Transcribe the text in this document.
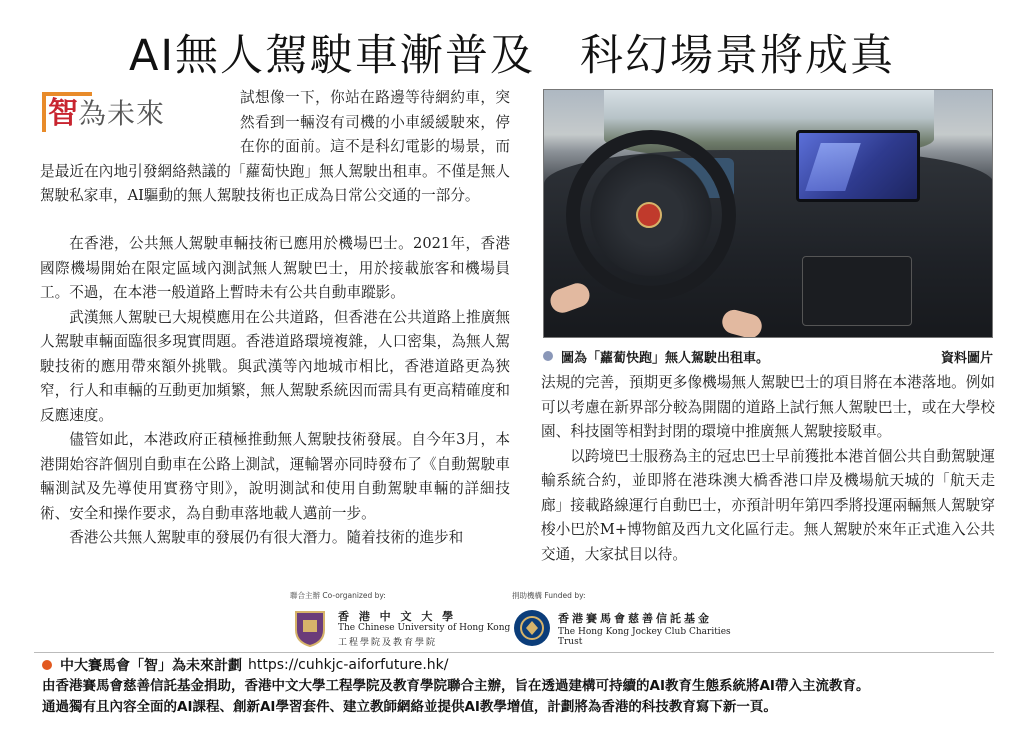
AI無人駕駛車漸普及　科幻場景將成真
智 為未來	試想像一下，你站在路邊等待網約車，突然看到一輛沒有司機的小車緩緩駛來，停在你的面前。這不是科幻電影的場景，而是最近在內地引發網絡熱議的「蘿蔔快跑」無人駕駛出租車。不僅是無人駕駛私家車，AI驅動的無人駕駛技術也正成為日常公交通的一部分。

圖為「蘿蔔快跑」無人駕駛出租車。	資料圖片

法規的完善，預期更多像機場無人駕駛巴士的項目將在本港落地。例如可以考慮在新界部分較為開闊的道路上試行無人駕駛巴士，或在大學校園、科技園等相對封閉的環境中推廣無人駕駛接駁車。

以跨境巴士服務為主的冠忠巴士早前獲批本港首個公共自動駕駛運輸系統合約，並即將在港珠澳大橋香港口岸及機場航天城的「航天走廊」接載路線運行自動巴士，亦預計明年第四季將投運兩輛無人駕駛穿梭小巴於M+博物館及西九文化區行走。無人駕駛於來年正式進入公共交通，大家拭目以待。

聯合主辦 Co-organized by:
香 港 中 文 大 學
The Chinese University of Hong Kong
工程學院及教育學院
捐助機構 Funded by:
香港賽馬會慈善信託基金
The Hong Kong Jockey Club Charities Trust
中大賽馬會「智」為未來計劃 https://cuhkjc-aiforfuture.hk/
由香港賽馬會慈善信託基金捐助，香港中文大學工程學院及教育學院聯合主辦，旨在透過建構可持續的AI教育生態系統將AI帶入主流教育。
通過獨有且內容全面的AI課程、創新AI學習套件、建立教師網絡並提供AI教學增值，計劃將為香港的科技教育寫下新一頁。

在香港，公共無人駕駛車輛技術已應用於機場巴士。2021年，香港國際機場開始在限定區域內測試無人駕駛巴士，用於接載旅客和機場員工。不過，在本港一般道路上暫時未有公共自動車蹤影。

武漢無人駕駛已大規模應用在公共道路，但香港在公共道路上推廣無人駕駛車輛面臨很多現實問題。香港道路環境複雜，人口密集，為無人駕駛技術的應用帶來額外挑戰。與武漢等內地城市相比，香港道路更為狹窄，行人和車輛的互動更加頻繁，無人駕駛系統因而需具有更高精確度和反應速度。

儘管如此，本港政府正積極推動無人駕駛技術發展。自今年3月，本港開始容許個別自動車在公路上測試，運輸署亦同時發布了《自動駕駛車輛測試及先導使用實務守則》，說明測試和使用自動駕駛車輛的詳細技術、安全和操作要求，為自動車落地載人邁前一步。

香港公共無人駕駛車的發展仍有很大潛力。隨着技術的進步和
